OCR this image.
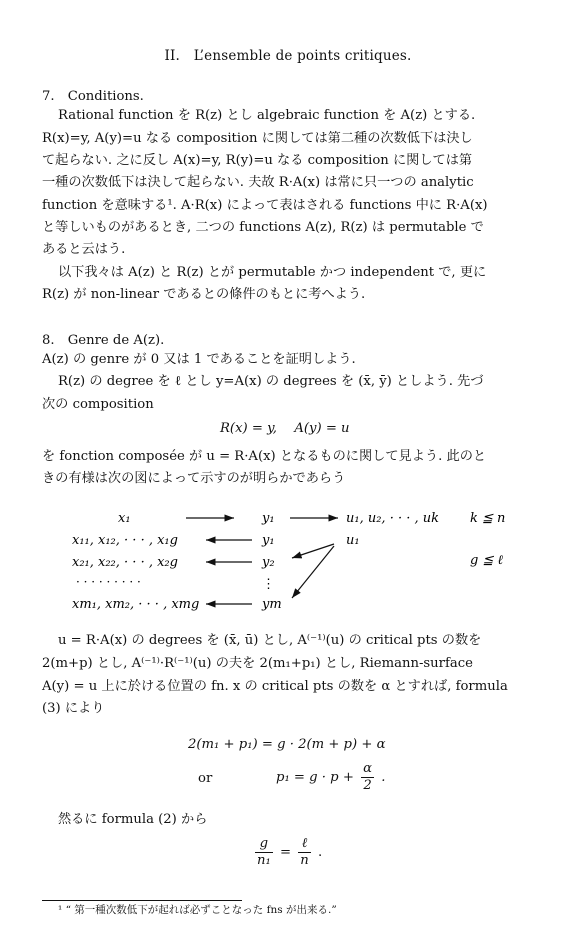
II.　L’ensemble de points critiques.
7.　Conditions.
Rational function を R(z) とし algebraic function を A(z) とする.
R(x)=y, A(y)=u なる composition に関しては第二種の次数低下は決し
て起らない. 之に反し A(x)=y, R(y)=u なる composition に関しては第
一種の次数低下は決して起らない. 夫故 R·A(x) は常に只一つの analytic
function を意味する¹. A·R(x) によって表はされる functions 中に R·A(x)
と等しいものがあるとき, 二つの functions A(z), R(z) は permutable で
あると云はう.
以下我々は A(z) と R(z) とが permutable かつ independent で, 更に
R(z) が non-linear であるとの條件のもとに考へよう.
8.　Genre de A(z).
A(z) の genre が 0 又は 1 であることを証明しよう.
R(z) の degree を ℓ とし y=A(x) の degrees を (x̄, ȳ) としよう. 先づ
次の composition
R(x) = y,　 A(y) = u
を fonction composée が u = R·A(x) となるものに関して見よう. 此のと
きの有様は次の図によって示すのが明らかであらう
x₁
x₁₁, x₁₂, · · · , x₁g
x₂₁, x₂₂, · · · , x₂g
· · · · · · · · ·
xm₁, xm₂, · · · , xmg
y₁
y₁
y₂
⋮
ym
u₁, u₂, · · · , uk
u₁
k ≦ n
g ≦ ℓ
u = R·A(x) の degrees を (x̄, ū) とし, A⁽⁻¹⁾(u) の critical pts の数を
2(m+p) とし, A⁽⁻¹⁾·R⁽⁻¹⁾(u) の夫を 2(m₁+p₁) とし, Riemann-surface
A(y) = u 上に於ける位置の fn. x の critical pts の数を α とすれば, formula
(3) により
2(m₁ + p₁) = g · 2(m + p) + α
or	$p_1 = g \cdot p + \frac{\alpha}{2}$ .
然るに formula (2) から
$\frac{g}{\text{n₁}} = \frac{\text{ℓ}}{n}$ .
¹ “ 第一種次数低下が起れば必ずことなった fns が出来る.”
